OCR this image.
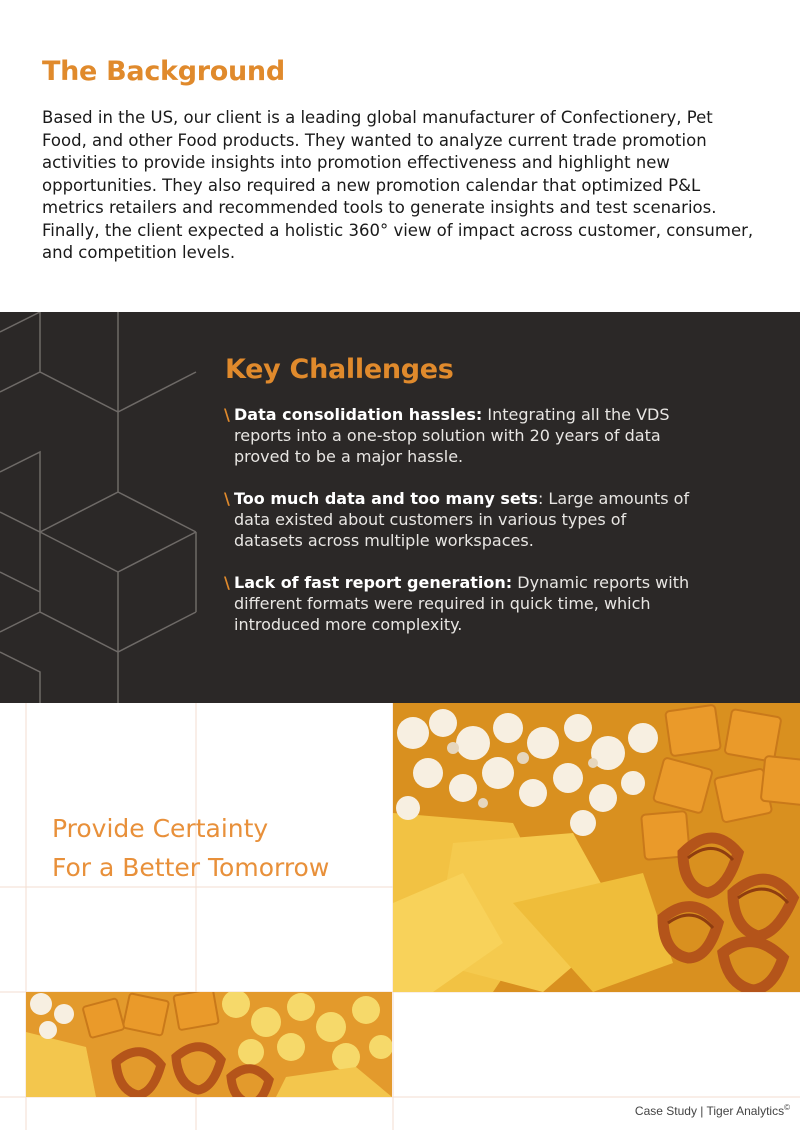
The Background

Based in the US, our client is a leading global manufacturer of Confectionery, Pet Food, and other Food products. They wanted to analyze current trade promotion activities to provide insights into promotion effectiveness and highlight new opportunities. They also required a new promotion calendar that optimized P&L metrics retailers and recommended tools to generate insights and test scenarios. Finally, the client expected a holistic 360° view of impact across customer, consumer, and competition levels.

Key Challenges
\ Data consolidation hassles: Integrating all the VDS reports into a one-stop solution with 20 years of data proved to be a major hassle.
\ Too much data and too many sets: Large amounts of data existed about customers in various types of datasets across multiple workspaces.
\ Lack of fast report generation: Dynamic reports with different formats were required in quick time, which introduced more complexity.
Provide Certainty
For a Better Tomorrow
Case Study | Tiger Analytics©
